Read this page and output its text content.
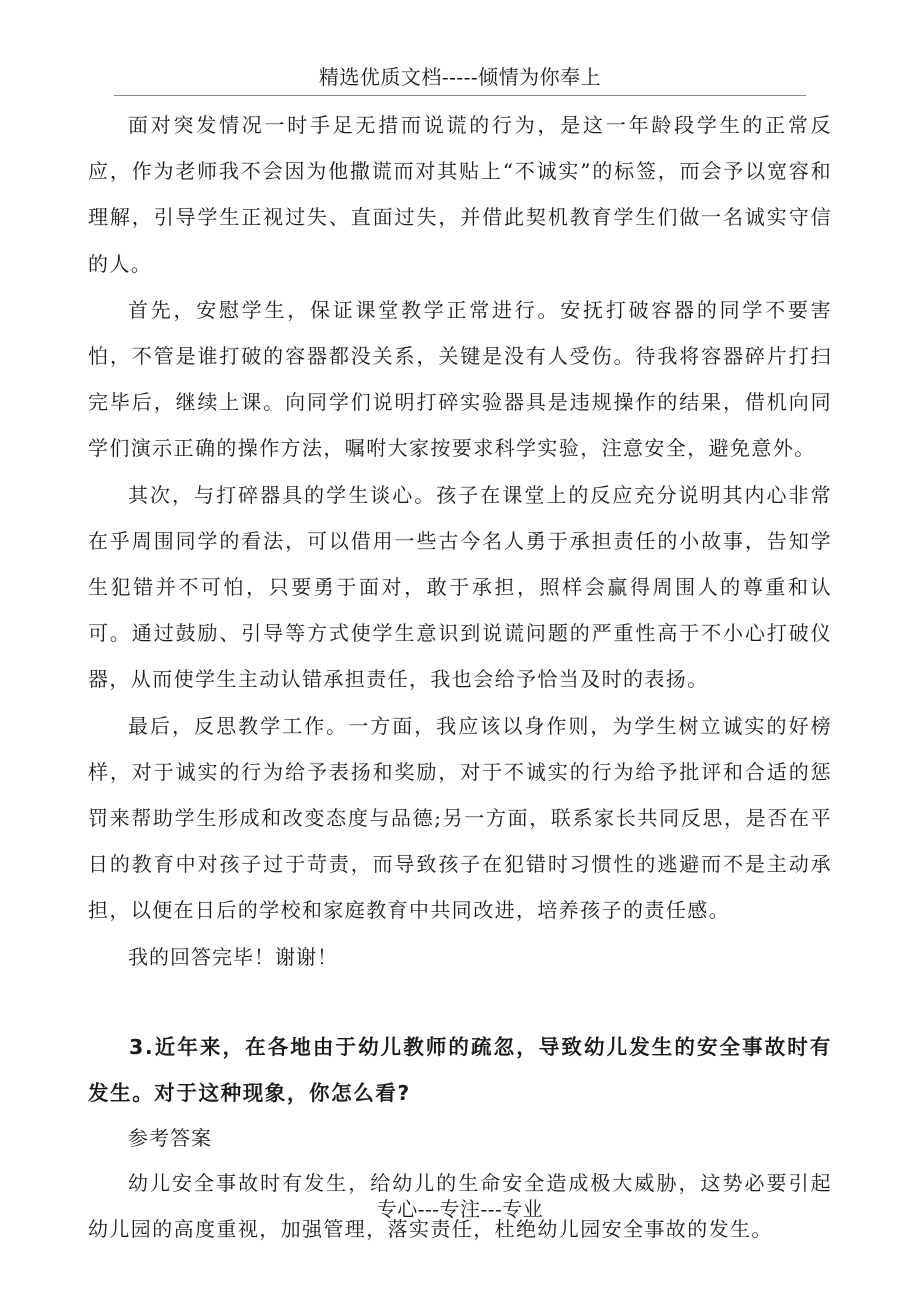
精选优质文档-----倾情为你奉上

面对突发情况一时手足无措而说谎的行为，是这一年龄段学生的正常反应，作为老师我不会因为他撒谎而对其贴上“不诚实”的标签，而会予以宽容和理解，引导学生正视过失、直面过失，并借此契机教育学生们做一名诚实守信的人。

首先，安慰学生，保证课堂教学正常进行。安抚打破容器的同学不要害怕，不管是谁打破的容器都没关系，关键是没有人受伤。待我将容器碎片打扫完毕后，继续上课。向同学们说明打碎实验器具是违规操作的结果，借机向同学们演示正确的操作方法，嘱咐大家按要求科学实验，注意安全，避免意外。

其次，与打碎器具的学生谈心。孩子在课堂上的反应充分说明其内心非常在乎周围同学的看法，可以借用一些古今名人勇于承担责任的小故事，告知学生犯错并不可怕，只要勇于面对，敢于承担，照样会赢得周围人的尊重和认可。通过鼓励、引导等方式使学生意识到说谎问题的严重性高于不小心打破仪器，从而使学生主动认错承担责任，我也会给予恰当及时的表扬。

最后，反思教学工作。一方面，我应该以身作则，为学生树立诚实的好榜样，对于诚实的行为给予表扬和奖励，对于不诚实的行为给予批评和合适的惩罚来帮助学生形成和改变态度与品德;另一方面，联系家长共同反思，是否在平日的教育中对孩子过于苛责，而导致孩子在犯错时习惯性的逃避而不是主动承担，以便在日后的学校和家庭教育中共同改进，培养孩子的责任感。

我的回答完毕！谢谢！

3.近年来，在各地由于幼儿教师的疏忽，导致幼儿发生的安全事故时有发生。对于这种现象，你怎么看?

参考答案

幼儿安全事故时有发生，给幼儿的生命安全造成极大威胁，这势必要引起幼儿园的高度重视，加强管理，落实责任，杜绝幼儿园安全事故的发生。

专心---专注---专业
